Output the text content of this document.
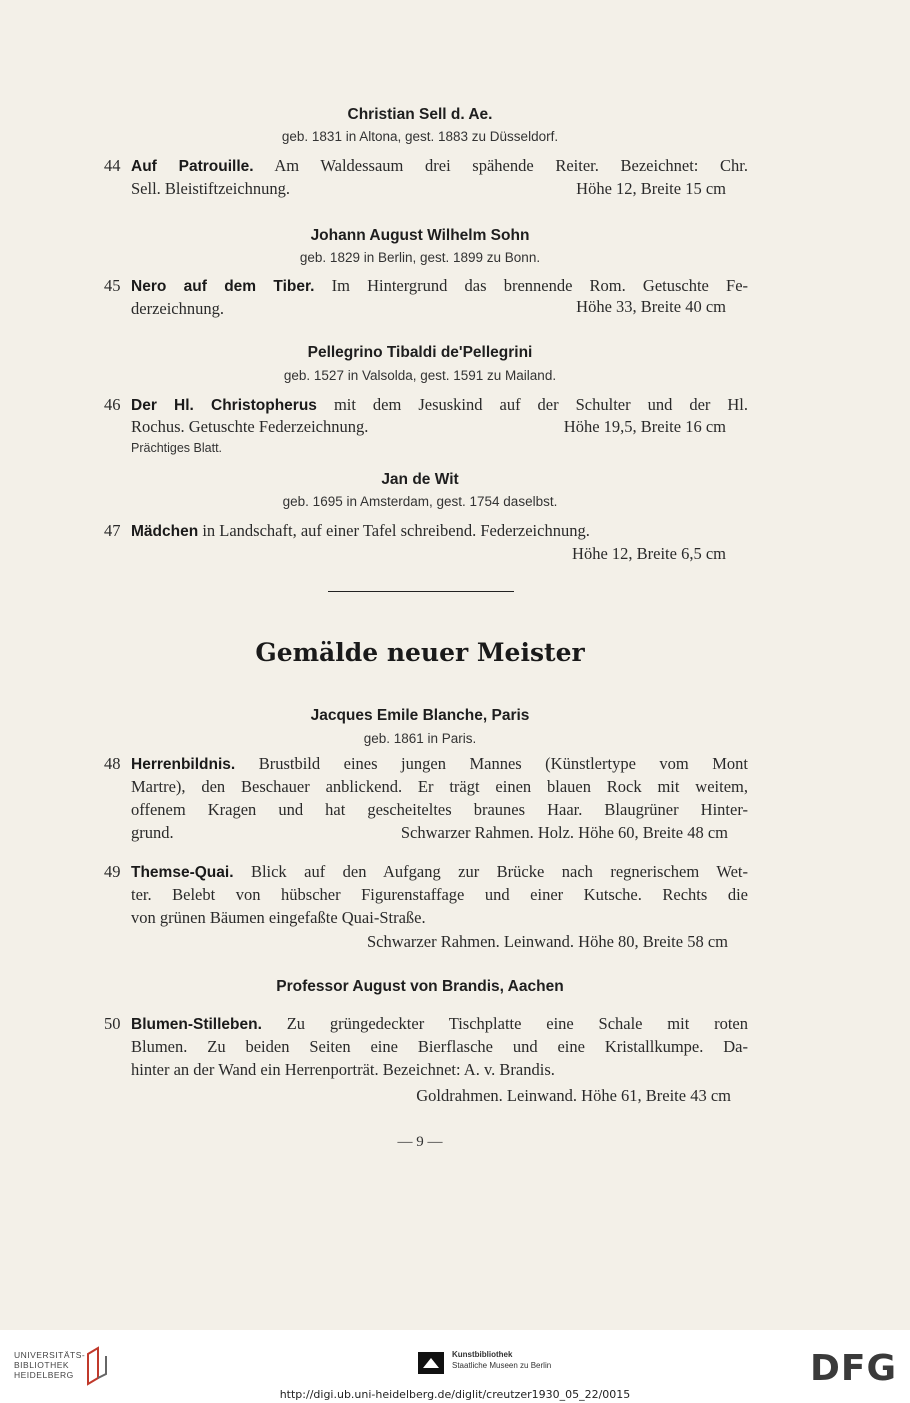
Christian Sell d. Ae.
geb. 1831 in Altona, gest. 1883 zu Düsseldorf.
44 Auf Patrouille. Am Waldessaum drei spähende Reiter. Bezeichnet: Chr.
Sell. Bleistiftzeichnung.	Höhe 12, Breite 15 cm
Johann August Wilhelm Sohn
geb. 1829 in Berlin, gest. 1899 zu Bonn.
45 Nero auf dem Tiber. Im Hintergrund das brennende Rom. Getuschte Fe-
derzeichnung.	Höhe 33, Breite 40 cm
Pellegrino Tibaldi de'Pellegrini
geb. 1527 in Valsolda, gest. 1591 zu Mailand.
46 Der Hl. Christopherus mit dem Jesuskind auf der Schulter und der Hl.
Rochus. Getuschte Federzeichnung.	Höhe 19,5, Breite 16 cm
Prächtiges Blatt.
Jan de Wit
geb. 1695 in Amsterdam, gest. 1754 daselbst.
47 Mädchen in Landschaft, auf einer Tafel schreibend. Federzeichnung.
Höhe 12, Breite 6,5 cm
Gemälde neuer Meister
Jacques Emile Blanche, Paris
geb. 1861 in Paris.
48 Herrenbildnis. Brustbild eines jungen Mannes (Künstlertype vom Mont
Martre), den Beschauer anblickend. Er trägt einen blauen Rock mit weitem,
offenem Kragen und hat gescheiteltes braunes Haar. Blaugrüner Hinter-
grund.	Schwarzer Rahmen. Holz. Höhe 60, Breite 48 cm
49 Themse-Quai. Blick auf den Aufgang zur Brücke nach regnerischem Wet-
ter. Belebt von hübscher Figurenstaffage und einer Kutsche. Rechts die
von grünen Bäumen eingefaßte Quai-Straße.
Schwarzer Rahmen. Leinwand. Höhe 80, Breite 58 cm
Professor August von Brandis, Aachen
50 Blumen-Stilleben. Zu grüngedeckter Tischplatte eine Schale mit roten
Blumen. Zu beiden Seiten eine Bierflasche und eine Kristallkumpe. Da-
hinter an der Wand ein Herrenporträt. Bezeichnet: A. v. Brandis.
Goldrahmen. Leinwand. Höhe 61, Breite 43 cm
— 9 —
UNIVERSITÄTS-
BIBLIOTHEK
HEIDELBERG
Kunstbibliothek
Staatliche Museen zu Berlin	DFG
http://digi.ub.uni-heidelberg.de/diglit/creutzer1930_05_22/0015
